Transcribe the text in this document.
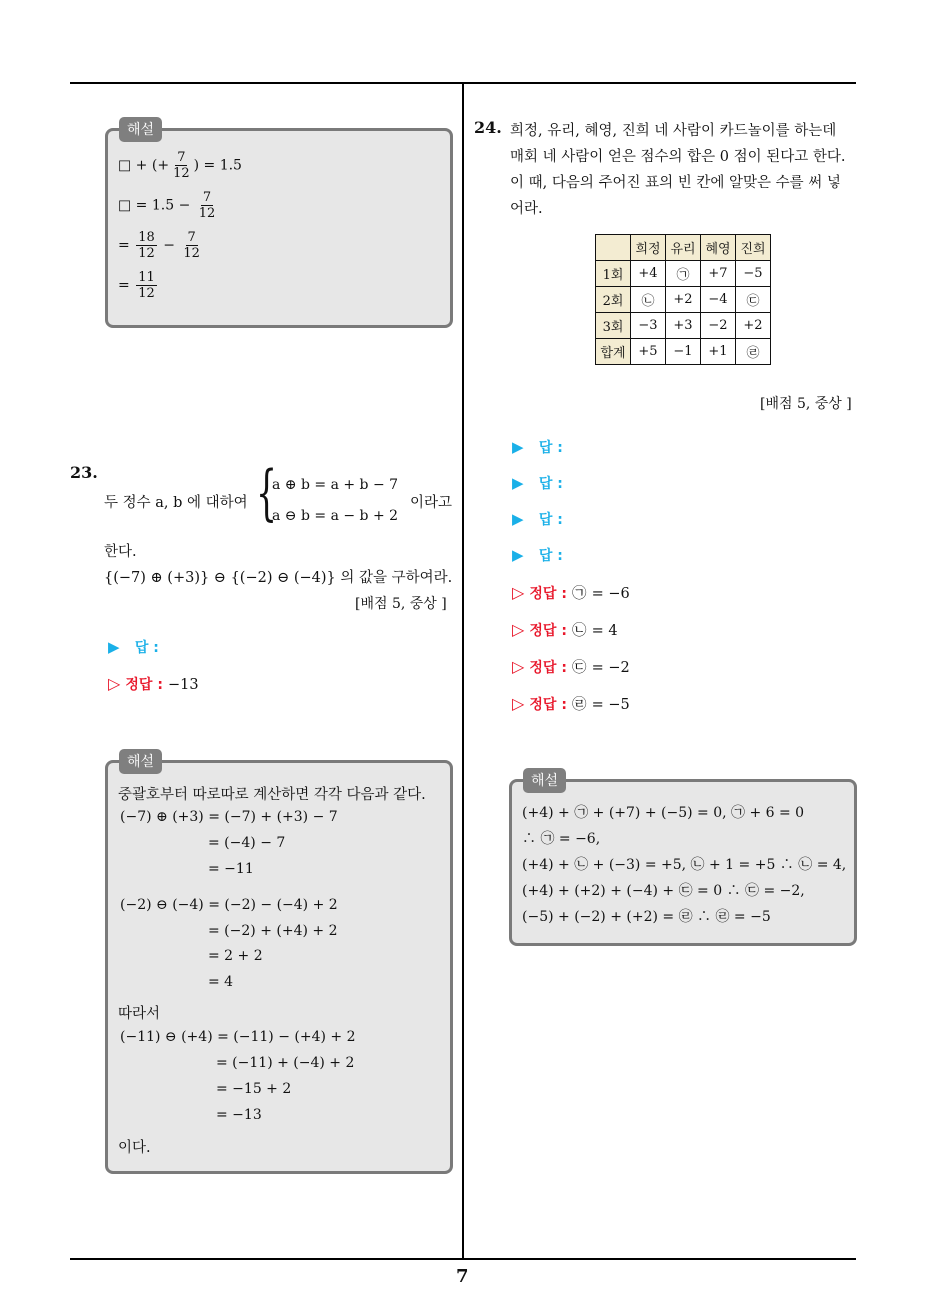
7
해설
□ + (+ $\frac{7}{12}$ ) = 1.5
□ = $1.5 - \frac{7}{12}$
= $\frac{18}{12} - \frac{7}{12}$
= $\frac{11}{12}$
23.
두 정수 a, b 에 대하여 {
a ⊕ b = a + b − 7
a ⊖ b = a − b + 2
이라고
한다.
{(−7) ⊕ (+3)} ⊖ {(−2) ⊖ (−4)} 의 값을 구하여라.
[배점 5, 중상 ]
▶ 답 :
▷ 정답 : −13
해설
중괄호부터 따로따로 계산하면 각각 다음과 같다.
(−7) ⊕ (+3) = (−7) + (+3) − 7
= (−4) − 7
= −11
(−2) ⊖ (−4) = (−2) − (−4) + 2
= (−2) + (+4) + 2
= 2 + 2
= 4
따라서
(−11) ⊖ (+4) = (−11) − (+4) + 2
= (−11) + (−4) + 2
= −15 + 2
= −13
이다.
24. 희정, 유리, 혜영, 진희 네 사람이 카드놀이를 하는데
매회 네 사람이 얻은 점수의 합은 0 점이 된다고 한다.
이 때, 다음의 주어진 표의 빈 칸에 알맞은 수를 써 넣
어라.
	희정	유리	혜영	진희
1회	+4	㉠	+7	−5
2회	㉡	+2	−4	㉢
3회	−3	+3	−2	+2
합계	+5	−1	+1	㉣
[배점 5, 중상 ]
▶ 답 :
▶ 답 :
▶ 답 :
▶ 답 :
▷ 정답 : ㉠ = −6
▷ 정답 : ㉡ = 4
▷ 정답 : ㉢ = −2
▷ 정답 : ㉣ = −5
해설
(+4) + ㉠ + (+7) + (−5) = 0, ㉠ + 6 = 0
∴ ㉠ = −6,
(+4) + ㉡ + (−3) = +5, ㉡ + 1 = +5 ∴ ㉡ = 4,
(+4) + (+2) + (−4) + ㉢ = 0 ∴ ㉢ = −2,
(−5) + (−2) + (+2) = ㉣ ∴ ㉣ = −5
